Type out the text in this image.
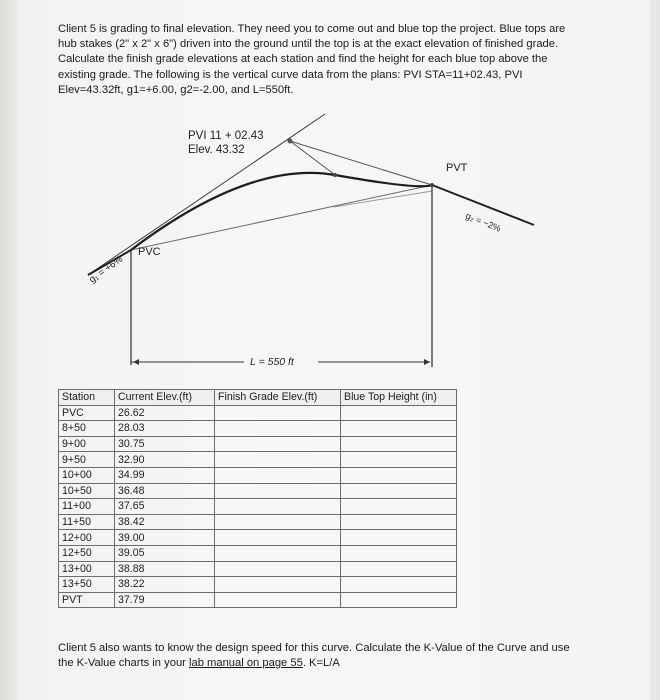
Client 5 is grading to final elevation. They need you to come out and blue top the project. Blue tops are
hub stakes (2" x 2" x 6") driven into the ground until the top is at the exact elevation of finished grade.
Calculate the finish grade elevations at each station and find the height for each blue top above the
existing grade. The following is the vertical curve data from the plans: PVI STA=11+02.43, PVI
Elev=43.32ft, g1=+6.00, g2=-2.00, and L=550ft.
PVI 11 + 02.43
Elev. 43.32
PVT
PVC
g₁ = +6%
g₂ = −2%
L = 550 ft
Station	Current Elev.(ft)	Finish Grade Elev.(ft)	Blue Top Height (in)
PVC	26.62		
8+50	28.03		
9+00	30.75		
9+50	32.90		
10+00	34.99		
10+50	36.48		
11+00	37.65		
11+50	38.42		
12+00	39.00		
12+50	39.05		
13+00	38.88		
13+50	38.22		
PVT	37.79		
Client 5 also wants to know the design speed for this curve. Calculate the K-Value of the Curve and use
the K-Value charts in your lab manual on page 55. K=L/A
